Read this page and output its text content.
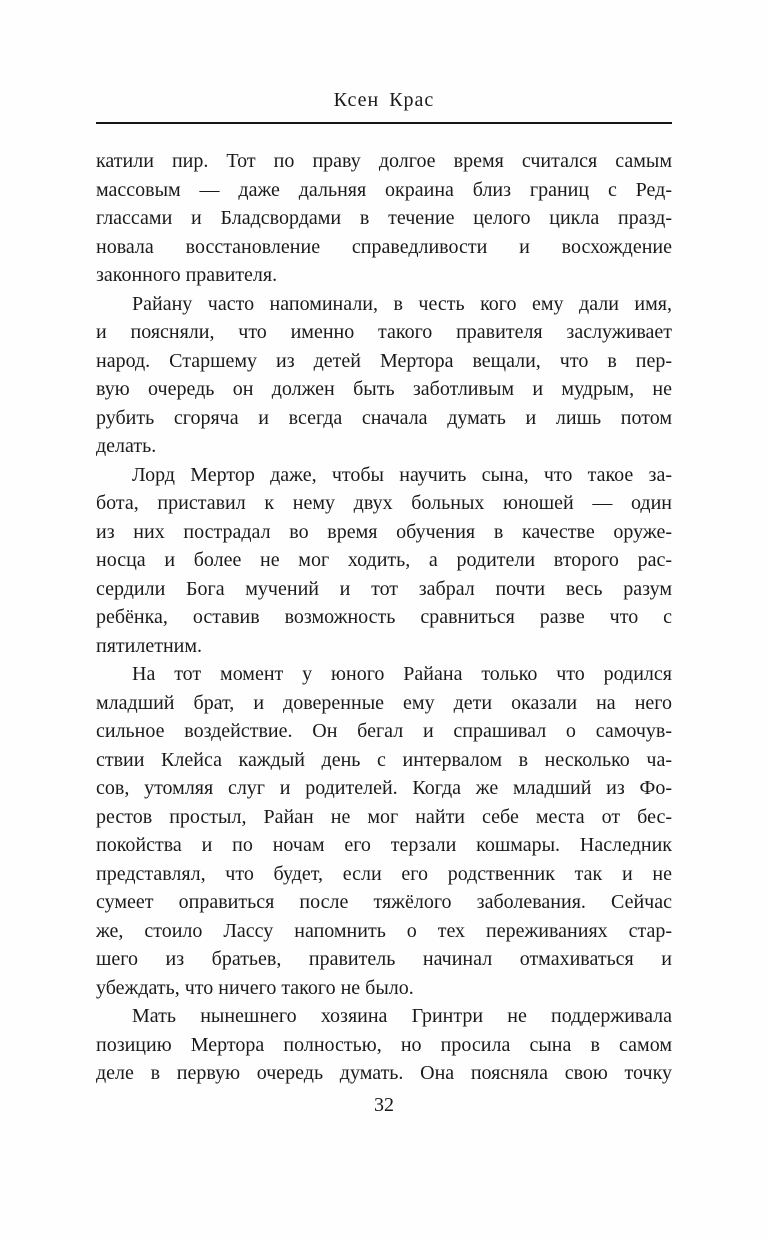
Ксен Крас
катили пир. Тот по праву долгое время считался самым
массовым — даже дальняя окраина близ границ с Ред-
глассами и Бладсвордами в течение целого цикла празд-
новала восстановление справедливости и восхождение
законного правителя.
Райану часто напоминали, в честь кого ему дали имя,
и поясняли, что именно такого правителя заслуживает
народ. Старшему из детей Мертора вещали, что в пер-
вую очередь он должен быть заботливым и мудрым, не
рубить сгоряча и всегда сначала думать и лишь потом
делать.
Лорд Мертор даже, чтобы научить сына, что такое за-
бота, приставил к нему двух больных юношей — один
из них пострадал во время обучения в качестве оруже-
носца и более не мог ходить, а родители второго рас-
сердили Бога мучений и тот забрал почти весь разум
ребёнка, оставив возможность сравниться разве что с
пятилетним.
На тот момент у юного Райана только что родился
младший брат, и доверенные ему дети оказали на него
сильное воздействие. Он бегал и спрашивал о самочув-
ствии Клейса каждый день с интервалом в несколько ча-
сов, утомляя слуг и родителей. Когда же младший из Фо-
рестов простыл, Райан не мог найти себе места от бес-
покойства и по ночам его терзали кошмары. Наследник
представлял, что будет, если его родственник так и не
сумеет оправиться после тяжёлого заболевания. Сейчас
же, стоило Лассу напомнить о тех переживаниях стар-
шего из братьев, правитель начинал отмахиваться и
убеждать, что ничего такого не было.
Мать нынешнего хозяина Гринтри не поддерживала
позицию Мертора полностью, но просила сына в самом
деле в первую очередь думать. Она поясняла свою точку
32
